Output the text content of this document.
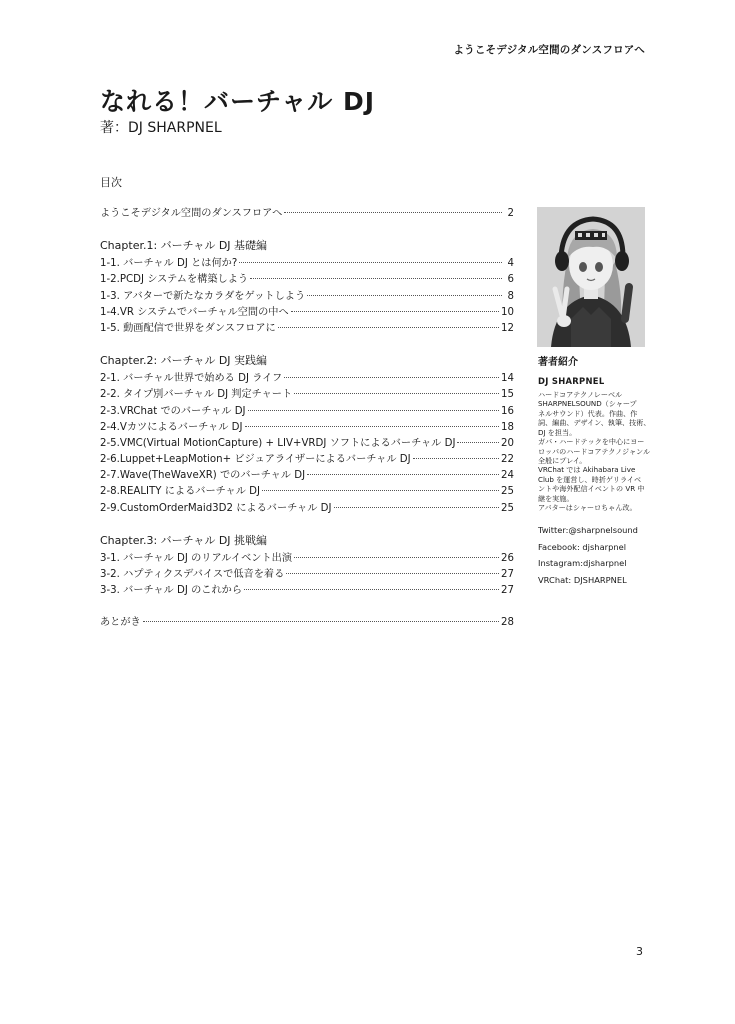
ようこそデジタル空間のダンスフロアへ
なれる！バーチャル DJ
著：DJ SHARPNEL
目次
ようこそデジタル空間のダンスフロアへ	2
Chapter.1: バーチャル DJ 基礎編
1-1. バーチャル DJ とは何か?	4
1-2.PCDJ システムを構築しよう	6
1-3. アバターで新たなカラダをゲットしよう	8
1-4.VR システムでバーチャル空間の中へ	10
1-5. 動画配信で世界をダンスフロアに	12
Chapter.2: バーチャル DJ 実践編
2-1. バーチャル世界で始める DJ ライフ	14
2-2. タイプ別バーチャル DJ 判定チャート	15
2-3.VRChat でのバーチャル DJ	16
2-4.Vカツによるバーチャル DJ	18
2-5.VMC(Virtual MotionCapture) + LIV+VRDJ ソフトによるバーチャル DJ	20
2-6.Luppet+LeapMotion+ ビジュアライザーによるバーチャル DJ	22
2-7.Wave(TheWaveXR) でのバーチャル DJ	24
2-8.REALITY によるバーチャル DJ	25
2-9.CustomOrderMaid3D2 によるバーチャル DJ	25
Chapter.3: バーチャル DJ 挑戦編
3-1. バーチャル DJ のリアルイベント出演	26
3-2. ハプティクスデバイスで低音を着る	27
3-3. バーチャル DJ のこれから	27
あとがき	28
著者紹介
DJ SHARPNEL
ハードコアテクノレーベル
SHARPNELSOUND（シャープ
ネルサウンド）代表。作曲、作
詞、編曲、デザイン、執筆、技術、
DJ を担当。
ガバ・ハードテックを中心にヨー
ロッパのハードコアテクノジャンル
全般にプレイ。
VRChat では Akihabara Live
Club を運営し、時折ゲリライベ
ントや海外配信イベントの VR 中
継を実施。
アバターはシャーロちゃん改。
Twitter:@sharpnelsound
Facebook: djsharpnel
Instagram:djsharpnel
VRChat: DJSHARPNEL
3
